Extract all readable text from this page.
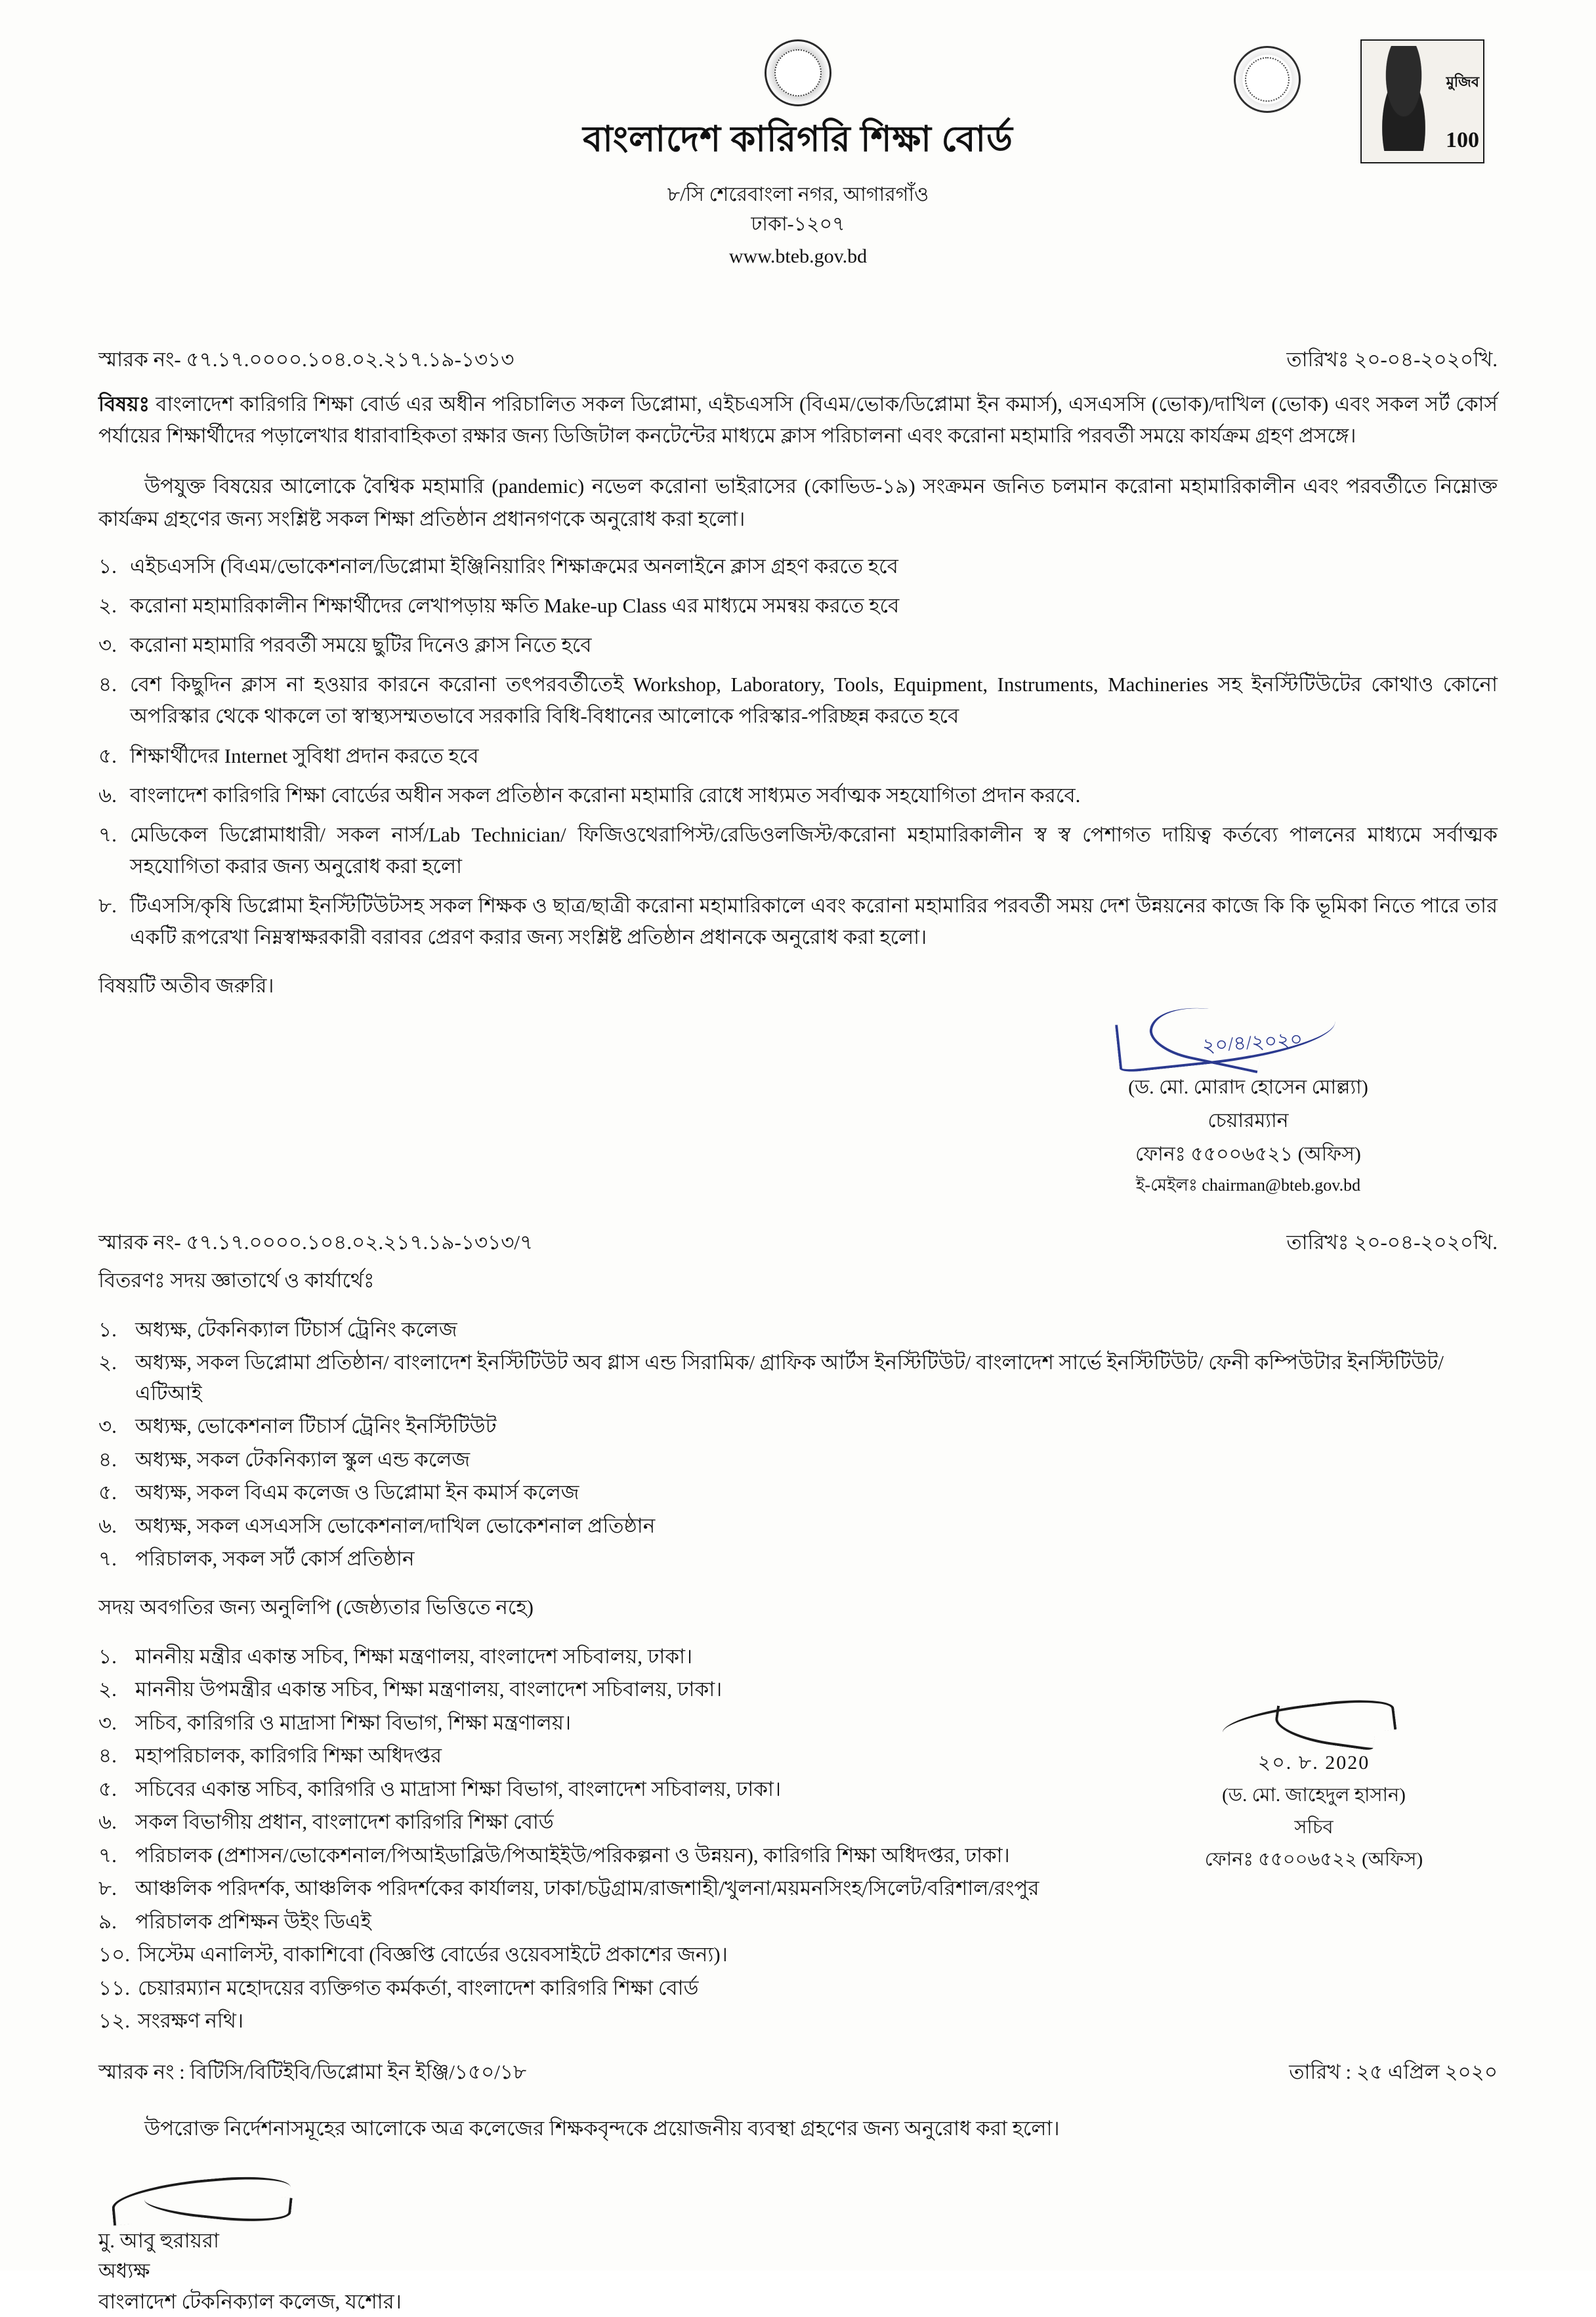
মুজিব
100
বাংলাদেশ কারিগরি শিক্ষা বোর্ড
৮/সি শেরেবাংলা নগর, আগারগাঁও
ঢাকা-১২০৭
www.bteb.gov.bd
স্মারক নং- ৫৭.১৭.০০০০.১০৪.০২.২১৭.১৯-১৩১৩	তারিখঃ ২০-০৪-২০২০খি.
বিষয়ঃ বাংলাদেশ কারিগরি শিক্ষা বোর্ড এর অধীন পরিচালিত সকল ডিপ্লোমা, এইচএসসি (বিএম/ভোক/ডিপ্লোমা ইন কমার্স), এসএসসি (ভোক)/দাখিল (ভোক) এবং সকল সর্ট কোর্স পর্যায়ের শিক্ষার্থীদের পড়ালেখার ধারাবাহিকতা রক্ষার জন্য ডিজিটাল কনটেন্টের মাধ্যমে ক্লাস পরিচালনা এবং করোনা মহামারি পরবর্তী সময়ে কার্যক্রম গ্রহণ প্রসঙ্গে।
উপযুক্ত বিষয়ের আলোকে বৈশ্বিক মহামারি (pandemic) নভেল করোনা ভাইরাসের (কোভিড-১৯) সংক্রমন জনিত চলমান করোনা মহামারিকালীন এবং পরবর্তীতে নিম্নোক্ত কার্যক্রম গ্রহণের জন্য সংশ্লিষ্ট সকল শিক্ষা প্রতিষ্ঠান প্রধানগণকে অনুরোধ করা হলো।
১. এইচএসসি (বিএম/ভোকেশনাল/ডিপ্লোমা ইঞ্জিনিয়ারিং শিক্ষাক্রমের অনলাইনে ক্লাস গ্রহণ করতে হবে
২. করোনা মহামারিকালীন শিক্ষার্থীদের লেখাপড়ায় ক্ষতি Make-up Class এর মাধ্যমে সমন্বয় করতে হবে
৩. করোনা মহামারি পরবর্তী সময়ে ছুটির দিনেও ক্লাস নিতে হবে
৪. বেশ কিছুদিন ক্লাস না হওয়ার কারনে করোনা তৎপরবর্তীতেই Workshop, Laboratory, Tools, Equipment, Instruments, Machineries সহ ইনস্টিটিউটের কোথাও কোনো অপরিস্কার থেকে থাকলে তা স্বাস্থ্যসম্মতভাবে সরকারি বিধি-বিধানের আলোকে পরিস্কার-পরিচ্ছন্ন করতে হবে
৫. শিক্ষার্থীদের Internet সুবিধা প্রদান করতে হবে
৬. বাংলাদেশ কারিগরি শিক্ষা বোর্ডের অধীন সকল প্রতিষ্ঠান করোনা মহামারি রোধে সাধ্যমত সর্বাত্মক সহযোগিতা প্রদান করবে.
৭. মেডিকেল ডিপ্লোমাধারী/ সকল নার্স/Lab Technician/ ফিজিওথেরাপিস্ট/রেডিওলজিস্ট/করোনা মহামারিকালীন স্ব স্ব পেশাগত দায়িত্ব কর্তব্যে পালনের মাধ্যমে সর্বাত্মক সহযোগিতা করার জন্য অনুরোধ করা হলো
৮. টিএসসি/কৃষি ডিপ্লোমা ইনস্টিটিউটসহ সকল শিক্ষক ও ছাত্র/ছাত্রী করোনা মহামারিকালে এবং করোনা মহামারির পরবর্তী সময় দেশ উন্নয়নের কাজে কি কি ভূমিকা নিতে পারে তার একটি রূপরেখা নিম্নস্বাক্ষরকারী বরাবর প্রেরণ করার জন্য সংশ্লিষ্ট প্রতিষ্ঠান প্রধানকে অনুরোধ করা হলো।
বিষয়টি অতীব জরুরি।
২০/৪/২০২০
(ড. মো. মোরাদ হোসেন মোল্ল্যা)
চেয়ারম্যান
ফোনঃ ৫৫০০৬৫২১ (অফিস)
ই-মেইলঃ chairman@bteb.gov.bd
স্মারক নং- ৫৭.১৭.০০০০.১০৪.০২.২১৭.১৯-১৩১৩/৭	তারিখঃ ২০-০৪-২০২০খি.
বিতরণঃ সদয় জ্ঞাতার্থে ও কার্যার্থেঃ
১. অধ্যক্ষ, টেকনিক্যাল টিচার্স ট্রেনিং কলেজ
২. অধ্যক্ষ, সকল ডিপ্লোমা প্রতিষ্ঠান/ বাংলাদেশ ইনস্টিটিউট অব গ্লাস এন্ড সিরামিক/ গ্রাফিক আর্টস ইনস্টিটিউট/ বাংলাদেশ সার্ভে ইনস্টিটিউট/ ফেনী কম্পিউটার ইনস্টিটিউট/ এটিআই
৩. অধ্যক্ষ, ভোকেশনাল টিচার্স ট্রেনিং ইনস্টিটিউট
৪. অধ্যক্ষ, সকল টেকনিক্যাল স্কুল এন্ড কলেজ
৫. অধ্যক্ষ, সকল বিএম কলেজ ও ডিপ্লোমা ইন কমার্স কলেজ
৬. অধ্যক্ষ, সকল এসএসসি ভোকেশনাল/দাখিল ভোকেশনাল প্রতিষ্ঠান
৭. পরিচালক, সকল সর্ট কোর্স প্রতিষ্ঠান
সদয় অবগতির জন্য অনুলিপি (জেষ্ঠ্যতার ভিত্তিতে নহে)
১. মাননীয় মন্ত্রীর একান্ত সচিব, শিক্ষা মন্ত্রণালয়, বাংলাদেশ সচিবালয়, ঢাকা।
২. মাননীয় উপমন্ত্রীর একান্ত সচিব, শিক্ষা মন্ত্রণালয়, বাংলাদেশ সচিবালয়, ঢাকা।
৩. সচিব, কারিগরি ও মাদ্রাসা শিক্ষা বিভাগ, শিক্ষা মন্ত্রণালয়।
৪. মহাপরিচালক, কারিগরি শিক্ষা অধিদপ্তর
৫. সচিবের একান্ত সচিব, কারিগরি ও মাদ্রাসা শিক্ষা বিভাগ, বাংলাদেশ সচিবালয়, ঢাকা।
৬. সকল বিভাগীয় প্রধান, বাংলাদেশ কারিগরি শিক্ষা বোর্ড
৭. পরিচালক (প্রশাসন/ভোকেশনাল/পিআইডাব্লিউ/পিআইইউ/পরিকল্পনা ও উন্নয়ন), কারিগরি শিক্ষা অধিদপ্তর, ঢাকা।
৮. আঞ্চলিক পরিদর্শক, আঞ্চলিক পরিদর্শকের কার্যালয়, ঢাকা/চট্টগ্রাম/রাজশাহী/খুলনা/ময়মনসিংহ/সিলেট/বরিশাল/রংপুর
৯. পরিচালক প্রশিক্ষন উইং ডিএই
১০. সিস্টেম এনালিস্ট, বাকাশিবো (বিজ্ঞপ্তি বোর্ডের ওয়েবসাইটে প্রকাশের জন্য)।
১১. চেয়ারম্যান মহোদয়ের ব্যক্তিগত কর্মকর্তা, বাংলাদেশ কারিগরি শিক্ষা বোর্ড
১২. সংরক্ষণ নথি।
২০. ৮. 2020
(ড. মো. জাহেদুল হাসান)
সচিব
ফোনঃ ৫৫০০৬৫২২ (অফিস)
স্মারক নং : বিটিসি/বিটিইবি/ডিপ্লোমা ইন ইঞ্জি/১৫০/১৮	তারিখ : ২৫ এপ্রিল ২০২০
উপরোক্ত নির্দেশনাসমূহের আলোকে অত্র কলেজের শিক্ষকবৃন্দকে প্রয়োজনীয় ব্যবস্থা গ্রহণের জন্য অনুরোধ করা হলো।
মু. আবু হুরায়রা
অধ্যক্ষ
বাংলাদেশ টেকনিক্যাল কলেজ, যশোর।
